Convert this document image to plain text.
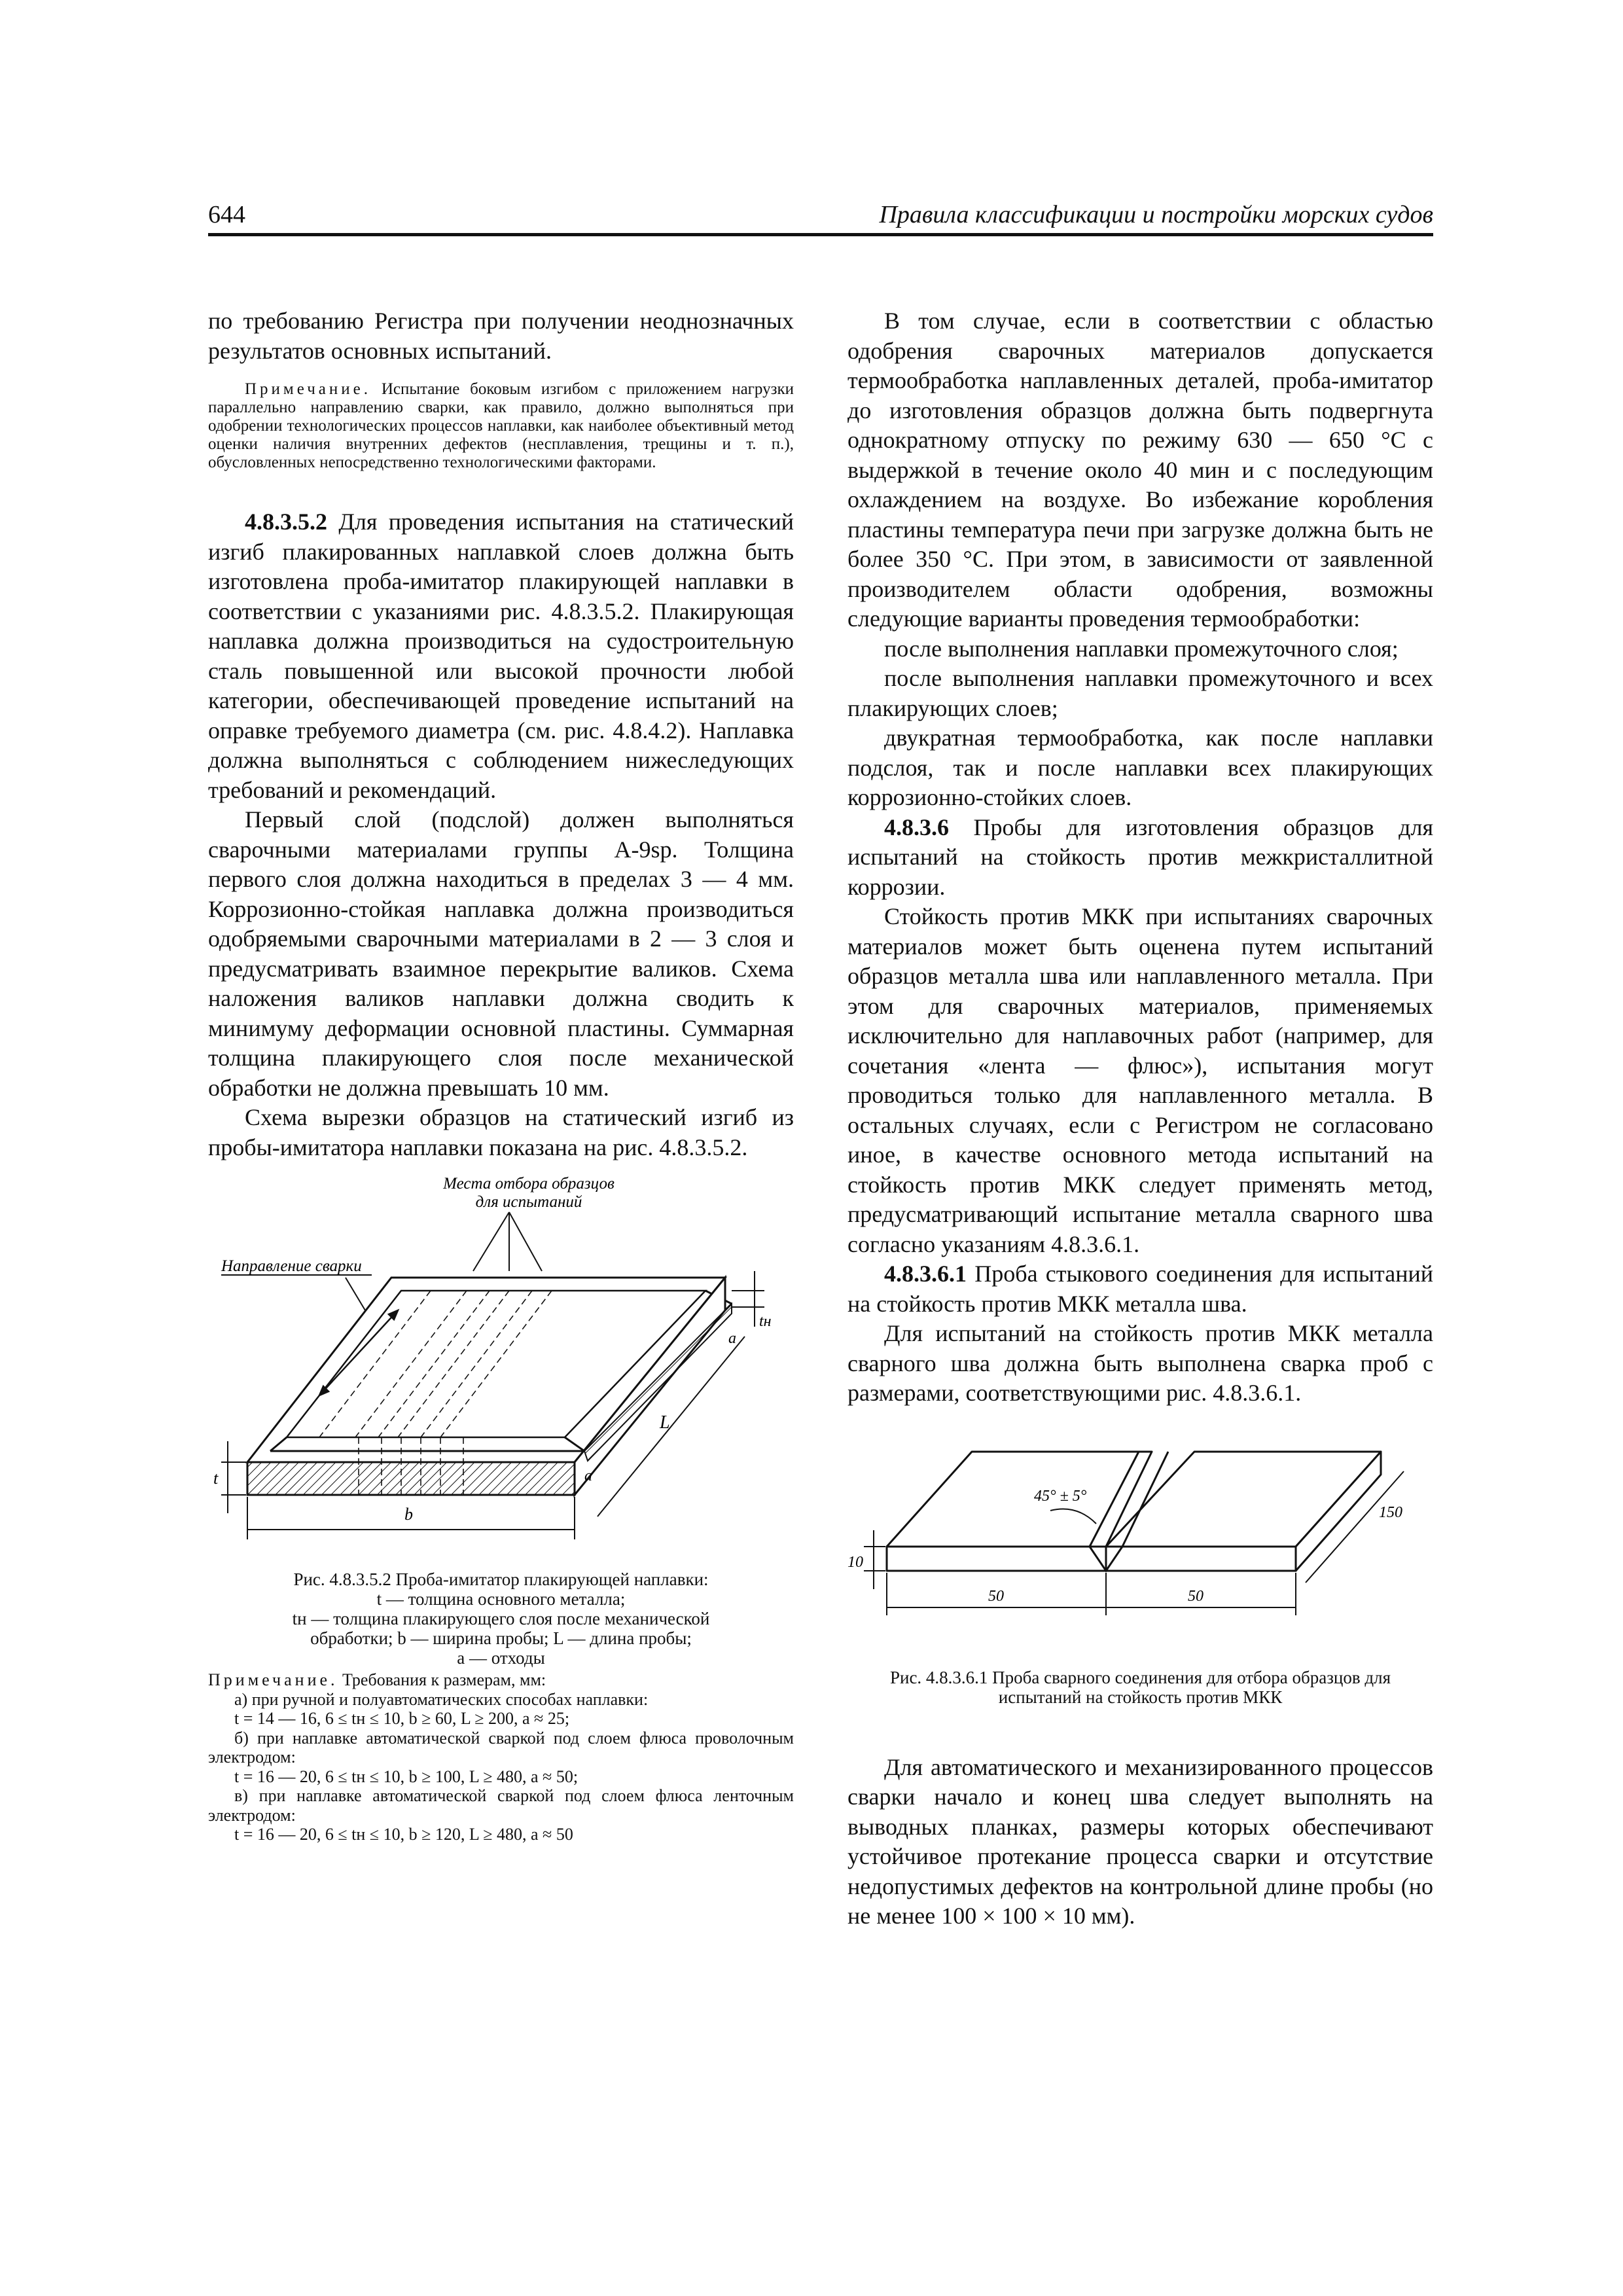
644	Правила классификации и постройки морских судов

по требованию Регистра при получении неоднозначных результатов основных испытаний.

Примечание. Испытание боковым изгибом с приложением нагрузки параллельно направлению сварки, как правило, должно выполняться при одобрении технологических процессов наплавки, как наиболее объективный метод оценки наличия внутренних дефектов (несплавления, трещины и т. п.), обусловленных непосредственно технологическими факторами.

4.8.3.5.2 Для проведения испытания на статический изгиб плакированных наплавкой слоев должна быть изготовлена проба-имитатор плакирующей наплавки в соответствии с указаниями рис. 4.8.3.5.2. Плакирующая наплавка должна производиться на судостроительную сталь повышенной или высокой прочности любой категории, обеспечивающей проведение испытаний на оправке требуемого диаметра (см. рис. 4.8.4.2). Наплавка должна выполняться с соблюдением нижеследующих требований и рекомендаций.

Первый слой (подслой) должен выполняться сварочными материалами группы А-9sp. Толщина первого слоя должна находиться в пределах 3 — 4 мм. Коррозионно-стойкая наплавка должна производиться одобряемыми сварочными материалами в 2 — 3 слоя и предусматривать взаимное перекрытие валиков. Схема наложения валиков наплавки должна сводить к минимуму деформации основной пластины. Суммарная толщина плакирующего слоя после механической обработки не должна превышать 10 мм.

Схема вырезки образцов на статический изгиб из пробы-имитатора наплавки показана на рис. 4.8.3.5.2.

Места отбора образцов
для испытаний
Направление сварки
tн
t
b
L
a
a
Рис. 4.8.3.5.2 Проба-имитатор плакирующей наплавки:
t — толщина основного металла;
tн — толщина плакирующего слоя после механической
обработки; b — ширина пробы; L — длина пробы;
a — отходы
Примечание. Требования к размерам, мм:
а) при ручной и полуавтоматических способах наплавки:
t = 14 — 16, 6 ≤ tн ≤ 10, b ≥ 60, L ≥ 200, a ≈ 25;
б) при наплавке автоматической сваркой под слоем флюса проволочным электродом:
t = 16 — 20, 6 ≤ tн ≤ 10, b ≥ 100, L ≥ 480, a ≈ 50;
в) при наплавке автоматической сваркой под слоем флюса ленточным электродом:
t = 16 — 20, 6 ≤ tн ≤ 10, b ≥ 120, L ≥ 480, a ≈ 50

В том случае, если в соответствии с областью одобрения сварочных материалов допускается термообработка наплавленных деталей, проба-имитатор до изготовления образцов должна быть подвергнута однократному отпуску по режиму 630 — 650 °С с выдержкой в течение около 40 мин и с последующим охлаждением на воздухе. Во избежание коробления пластины температура печи при загрузке должна быть не более 350 °С. При этом, в зависимости от заявленной производителем области одобрения, возможны следующие варианты проведения термообработки:

после выполнения наплавки промежуточного слоя;

после выполнения наплавки промежуточного и всех плакирующих слоев;

двукратная термообработка, как после наплавки подслоя, так и после наплавки всех плакирующих коррозионно-стойких слоев.

4.8.3.6 Пробы для изготовления образцов для испытаний на стойкость против межкристаллитной коррозии.

Стойкость против МКК при испытаниях сварочных материалов может быть оценена путем испытаний образцов металла шва или наплавленного металла. При этом для сварочных материалов, применяемых исключительно для наплавочных работ (например, для сочетания «лента — флюс»), испытания могут проводиться только для наплавленного металла. В остальных случаях, если с Регистром не согласовано иное, в качестве основного метода испытаний на стойкость против МКК следует применять метод, предусматривающий испытание металла сварного шва согласно указаниям 4.8.3.6.1.

4.8.3.6.1 Проба стыкового соединения для испытаний на стойкость против МКК металла шва.

Для испытаний на стойкость против МКК металла сварного шва должна быть выполнена сварка проб с размерами, соответствующими рис. 4.8.3.6.1.

45° ± 5°
10
50	50
150
Рис. 4.8.3.6.1 Проба сварного соединения для отбора образцов для
испытаний на стойкость против МКК

Для автоматического и механизированного процессов сварки начало и конец шва следует выполнять на выводных планках, размеры которых обеспечивают устойчивое протекание процесса сварки и отсутствие недопустимых дефектов на контрольной длине пробы (но не менее 100 × 100 × 10 мм).
